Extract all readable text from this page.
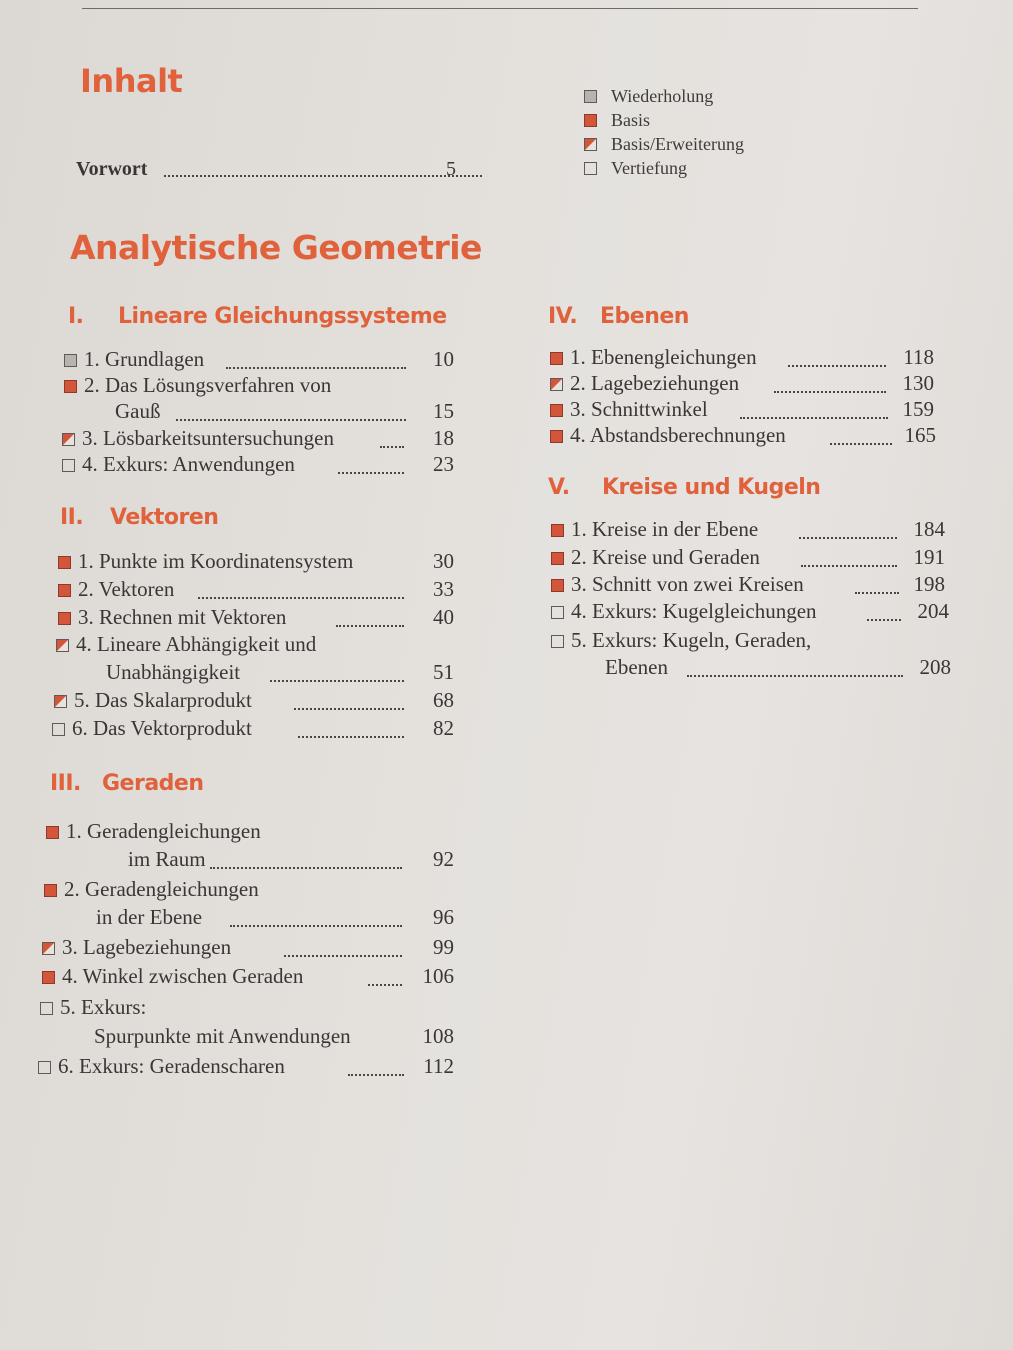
Inhalt
Vorwort	5
Wiederholung
Basis
Basis/Erweiterung
Vertiefung
Analytische Geometrie
I. Lineare Gleichungssysteme
1. Grundlagen	10
2. Das Lösungsverfahren von
Gauß	15
3. Lösbarkeitsuntersuchungen	18
4. Exkurs: Anwendungen	23
II. Vektoren
1. Punkte im Koordinatensystem	30
2. Vektoren	33
3. Rechnen mit Vektoren	40
4. Lineare Abhängigkeit und
Unabhängigkeit	51
5. Das Skalarprodukt	68
6. Das Vektorprodukt	82
III. Geraden
1. Geradengleichungen
im Raum	92
2. Geradengleichungen
in der Ebene	96
3. Lagebeziehungen	99
4. Winkel zwischen Geraden	106
5. Exkurs:
Spurpunkte mit Anwendungen	108
6. Exkurs: Geradenscharen	112
IV. Ebenen
1. Ebenengleichungen	118
2. Lagebeziehungen	130
3. Schnittwinkel	159
4. Abstandsberechnungen	165
V. Kreise und Kugeln
1. Kreise in der Ebene	184
2. Kreise und Geraden	191
3. Schnitt von zwei Kreisen	198
4. Exkurs: Kugelgleichungen	204
5. Exkurs: Kugeln, Geraden,
Ebenen	208
